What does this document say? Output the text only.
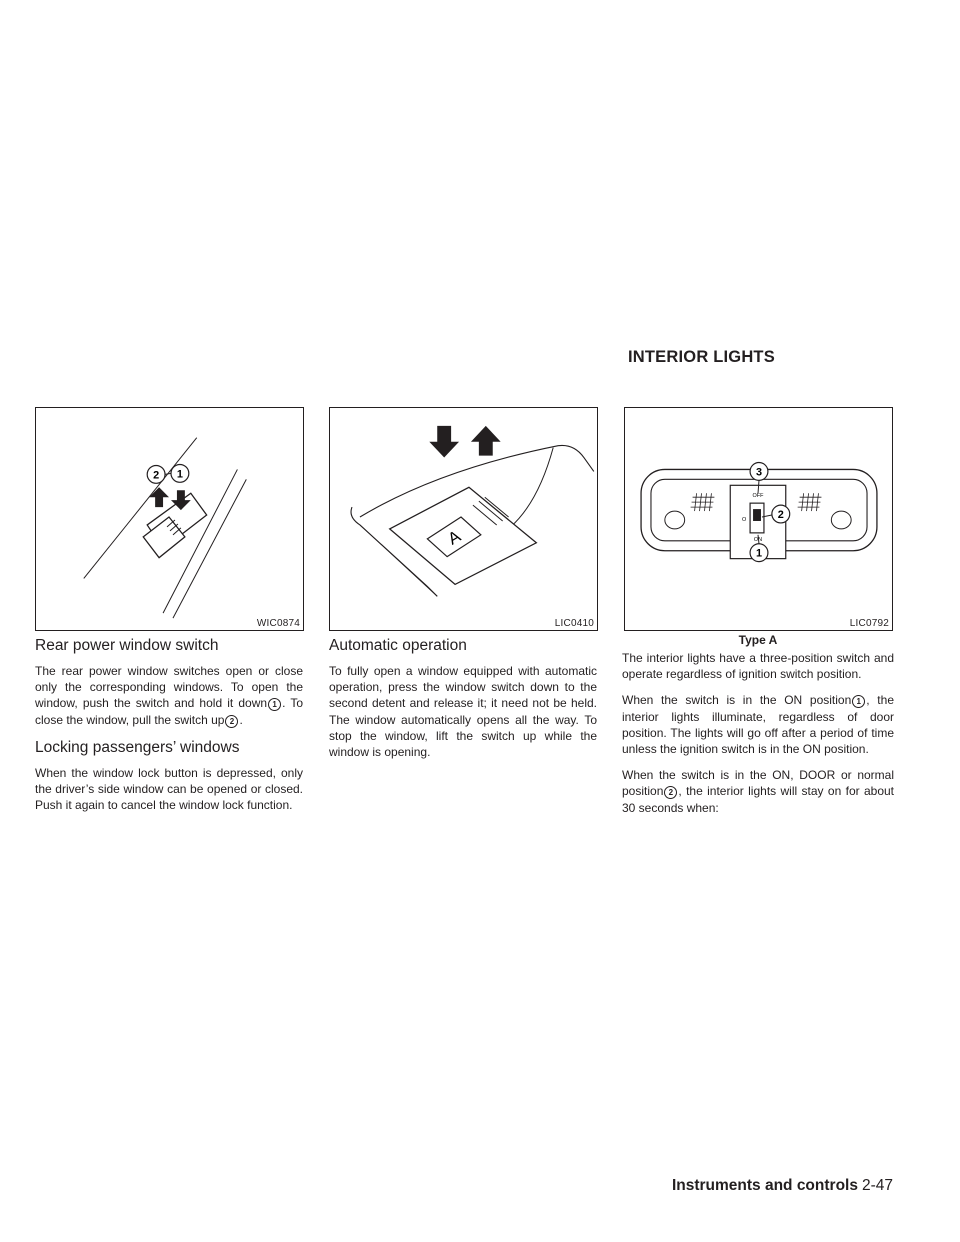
INTERIOR LIGHTS
2 1
WIC0874
A
LIC0410
OFF
O
ON
3
2
1
LIC0792
Type A
Rear power window switch

The rear power window switches open or close only the corresponding windows. To open the window, push the switch and hold it down 1 . To close the window, pull the switch up 2 .

Locking passengers’ windows

When the window lock button is depressed, only the driver’s side window can be opened or closed. Push it again to cancel the window lock function.

Automatic operation

To fully open a window equipped with automatic operation, press the window switch down to the second detent and release it; it need not be held. The window automatically opens all the way. To stop the window, lift the switch up while the window is opening.

The interior lights have a three-position switch and operate regardless of ignition switch position.

When the switch is in the ON position 1 , the interior lights illuminate, regardless of door position. The lights will go off after a period of time unless the ignition switch is in the ON position.

When the switch is in the ON, DOOR or normal position 2 , the interior lights will stay on for about 30 seconds when:

Instruments and controls 2-47
